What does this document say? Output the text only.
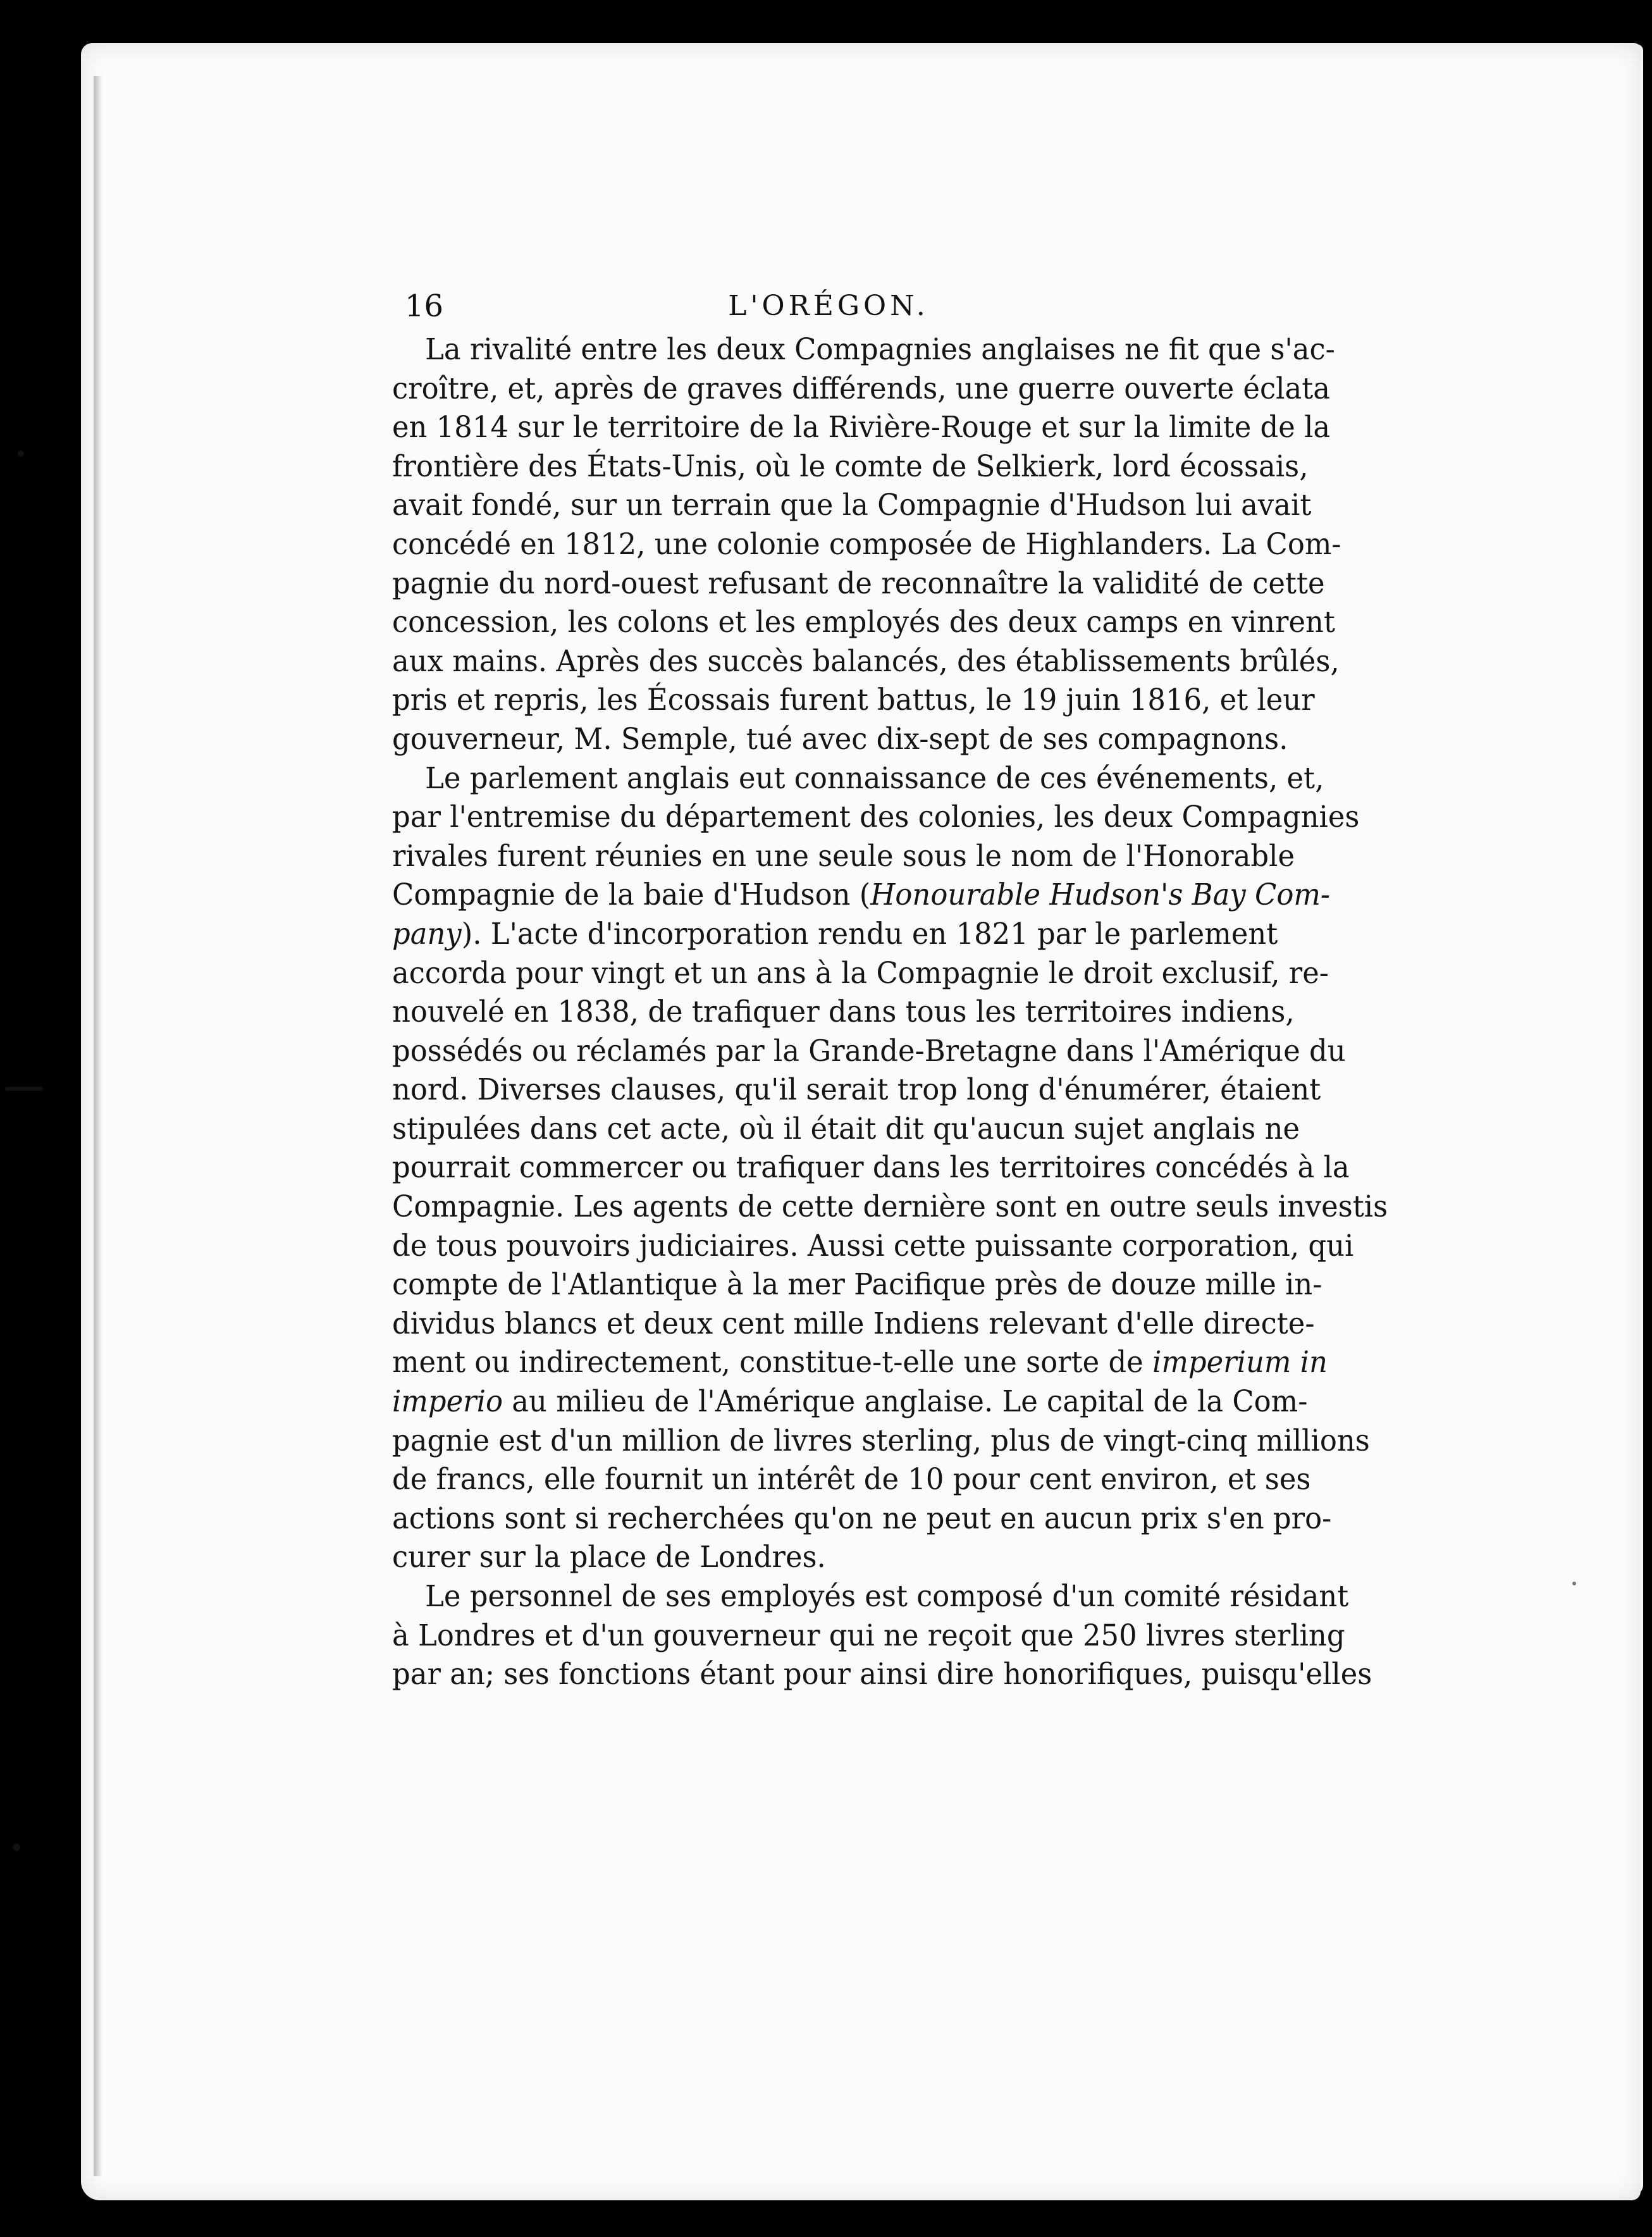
16	L'ORÉGON.
La rivalité entre les deux Compagnies anglaises ne fit que s'ac-
croître, et, après de graves différends, une guerre ouverte éclata
en 1814 sur le territoire de la Rivière-Rouge et sur la limite de la
frontière des États-Unis, où le comte de Selkierk, lord écossais,
avait fondé, sur un terrain que la Compagnie d'Hudson lui avait
concédé en 1812, une colonie composée de Highlanders. La Com-
pagnie du nord-ouest refusant de reconnaître la validité de cette
concession, les colons et les employés des deux camps en vinrent
aux mains. Après des succès balancés, des établissements brûlés,
pris et repris, les Écossais furent battus, le 19 juin 1816, et leur
gouverneur, M. Semple, tué avec dix-sept de ses compagnons.
Le parlement anglais eut connaissance de ces événements, et,
par l'entremise du département des colonies, les deux Compagnies
rivales furent réunies en une seule sous le nom de l'Honorable
Compagnie de la baie d'Hudson (Honourable Hudson's Bay Com-
pany). L'acte d'incorporation rendu en 1821 par le parlement
accorda pour vingt et un ans à la Compagnie le droit exclusif, re-
nouvelé en 1838, de trafiquer dans tous les territoires indiens,
possédés ou réclamés par la Grande-Bretagne dans l'Amérique du
nord. Diverses clauses, qu'il serait trop long d'énumérer, étaient
stipulées dans cet acte, où il était dit qu'aucun sujet anglais ne
pourrait commercer ou trafiquer dans les territoires concédés à la
Compagnie. Les agents de cette dernière sont en outre seuls investis
de tous pouvoirs judiciaires. Aussi cette puissante corporation, qui
compte de l'Atlantique à la mer Pacifique près de douze mille in-
dividus blancs et deux cent mille Indiens relevant d'elle directe-
ment ou indirectement, constitue-t-elle une sorte de imperium in
imperio au milieu de l'Amérique anglaise. Le capital de la Com-
pagnie est d'un million de livres sterling, plus de vingt-cinq millions
de francs, elle fournit un intérêt de 10 pour cent environ, et ses
actions sont si recherchées qu'on ne peut en aucun prix s'en pro-
curer sur la place de Londres.
Le personnel de ses employés est composé d'un comité résidant
à Londres et d'un gouverneur qui ne reçoit que 250 livres sterling
par an; ses fonctions étant pour ainsi dire honorifiques, puisqu'elles
